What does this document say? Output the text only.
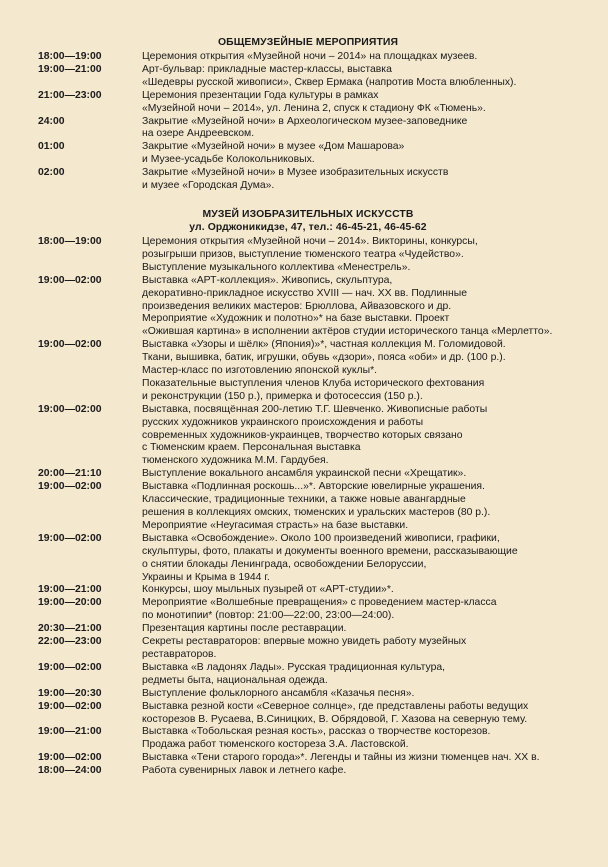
ОБЩЕМУЗЕЙНЫЕ МЕРОПРИЯТИЯ
18:00—19:00	Церемония открытия «Музейной ночи – 2014» на площадках музеев.
19:00—21:00	Арт-бульвар: прикладные мастер-классы, выставка
«Шедевры русской живописи», Сквер Ермака (напротив Моста влюбленных).
21:00—23:00	Церемония презентации Года культуры в рамках
«Музейной ночи – 2014», ул. Ленина 2, спуск к стадиону ФК «Тюмень».
24:00	Закрытие «Музейной ночи» в Археологическом музее-заповеднике
на озере Андреевском.
01:00	Закрытие «Музейной ночи» в музее «Дом Машарова»
и Музее-усадьбе Колокольниковых.
02:00	Закрытие «Музейной ночи» в Музее изобразительных искусств
и музее «Городская Дума».
МУЗЕЙ ИЗОБРАЗИТЕЛЬНЫХ ИСКУССТВ
ул. Орджоникидзе, 47, тел.: 46-45-21, 46-45-62
18:00—19:00	Церемония открытия «Музейной ночи – 2014». Викторины, конкурсы,
розыгрыши призов, выступление тюменского театра «Чудейство».
Выступление музыкального коллектива «Менестрель».
19:00—02:00	Выставка «АРТ-коллекция». Живопись, скульптура,
декоративно-прикладное искусство XVIII — нач. XX вв. Подлинные
произведения великих мастеров: Брюллова, Айвазовского и др.
Мероприятие «Художник и полотно»* на базе выставки. Проект
«Ожившая картина» в исполнении актёров студии исторического танца «Мерлетто».
19:00—02:00	Выставка «Узоры и шёлк» (Япония)»*, частная коллекция М. Голомидовой.
Ткани, вышивка, батик, игрушки, обувь «дзори», пояса «оби» и др. (100 р.).
Мастер-класс по изготовлению японской куклы*.
Показательные выступления членов Клуба исторического фехтования
и реконструкции (150 р.), примерка и фотосессия (150 р.).
19:00—02:00	Выставка, посвящённая 200-летию Т.Г. Шевченко. Живописные работы
русских художников украинского происхождения и работы
современных художников-украинцев, творчество которых связано
с Тюменским краем. Персональная выставка
тюменского художника М.М. Гардубея.
20:00—21:10	Выступление вокального ансамбля украинской песни «Хрещатик».
19:00—02:00	Выставка «Подлинная роскошь...»*. Авторские ювелирные украшения.
Классические, традиционные техники, а также новые авангардные
решения в коллекциях омских, тюменских и уральских мастеров (80 р.).
Мероприятие «Неугасимая страсть» на базе выставки.
19:00—02:00	Выставка «Освобождение». Около 100 произведений живописи, графики,
скульптуры, фото, плакаты и документы военного времени, рассказывающие
о снятии блокады Ленинграда, освобождении Белоруссии,
Украины и Крыма в 1944 г.
19:00—21:00	Конкурсы, шоу мыльных пузырей от «АРТ-студии»*.
19:00—20:00	Мероприятие «Волшебные превращения» с проведением мастер-класса
по монотипии* (повтор: 21:00—22:00, 23:00—24:00).
20:30—21:00	Презентация картины после реставрации.
22:00—23:00	Секреты реставраторов: впервые можно увидеть работу музейных
реставраторов.
19:00—02:00	Выставка «В ладонях Лады». Русская традиционная культура,
редметы быта, национальная одежда.
19:00—20:30	Выступление фольклорного ансамбля «Казачья песня».
19:00—02:00	Выставка резной кости «Северное солнце», где представлены работы ведущих
косторезов В. Русаева, В.Синицких, В. Обрядовой, Г. Хазова на северную тему.
19:00—21:00	Выставка «Тобольская резная кость», рассказ о творчестве косторезов.
Продажа работ тюменского костореза З.А. Ластовской.
19:00—02:00	Выставка «Тени старого города»*. Легенды и тайны из жизни тюменцев нач. XX в.
18:00—24:00	Работа сувенирных лавок и летнего кафе.
